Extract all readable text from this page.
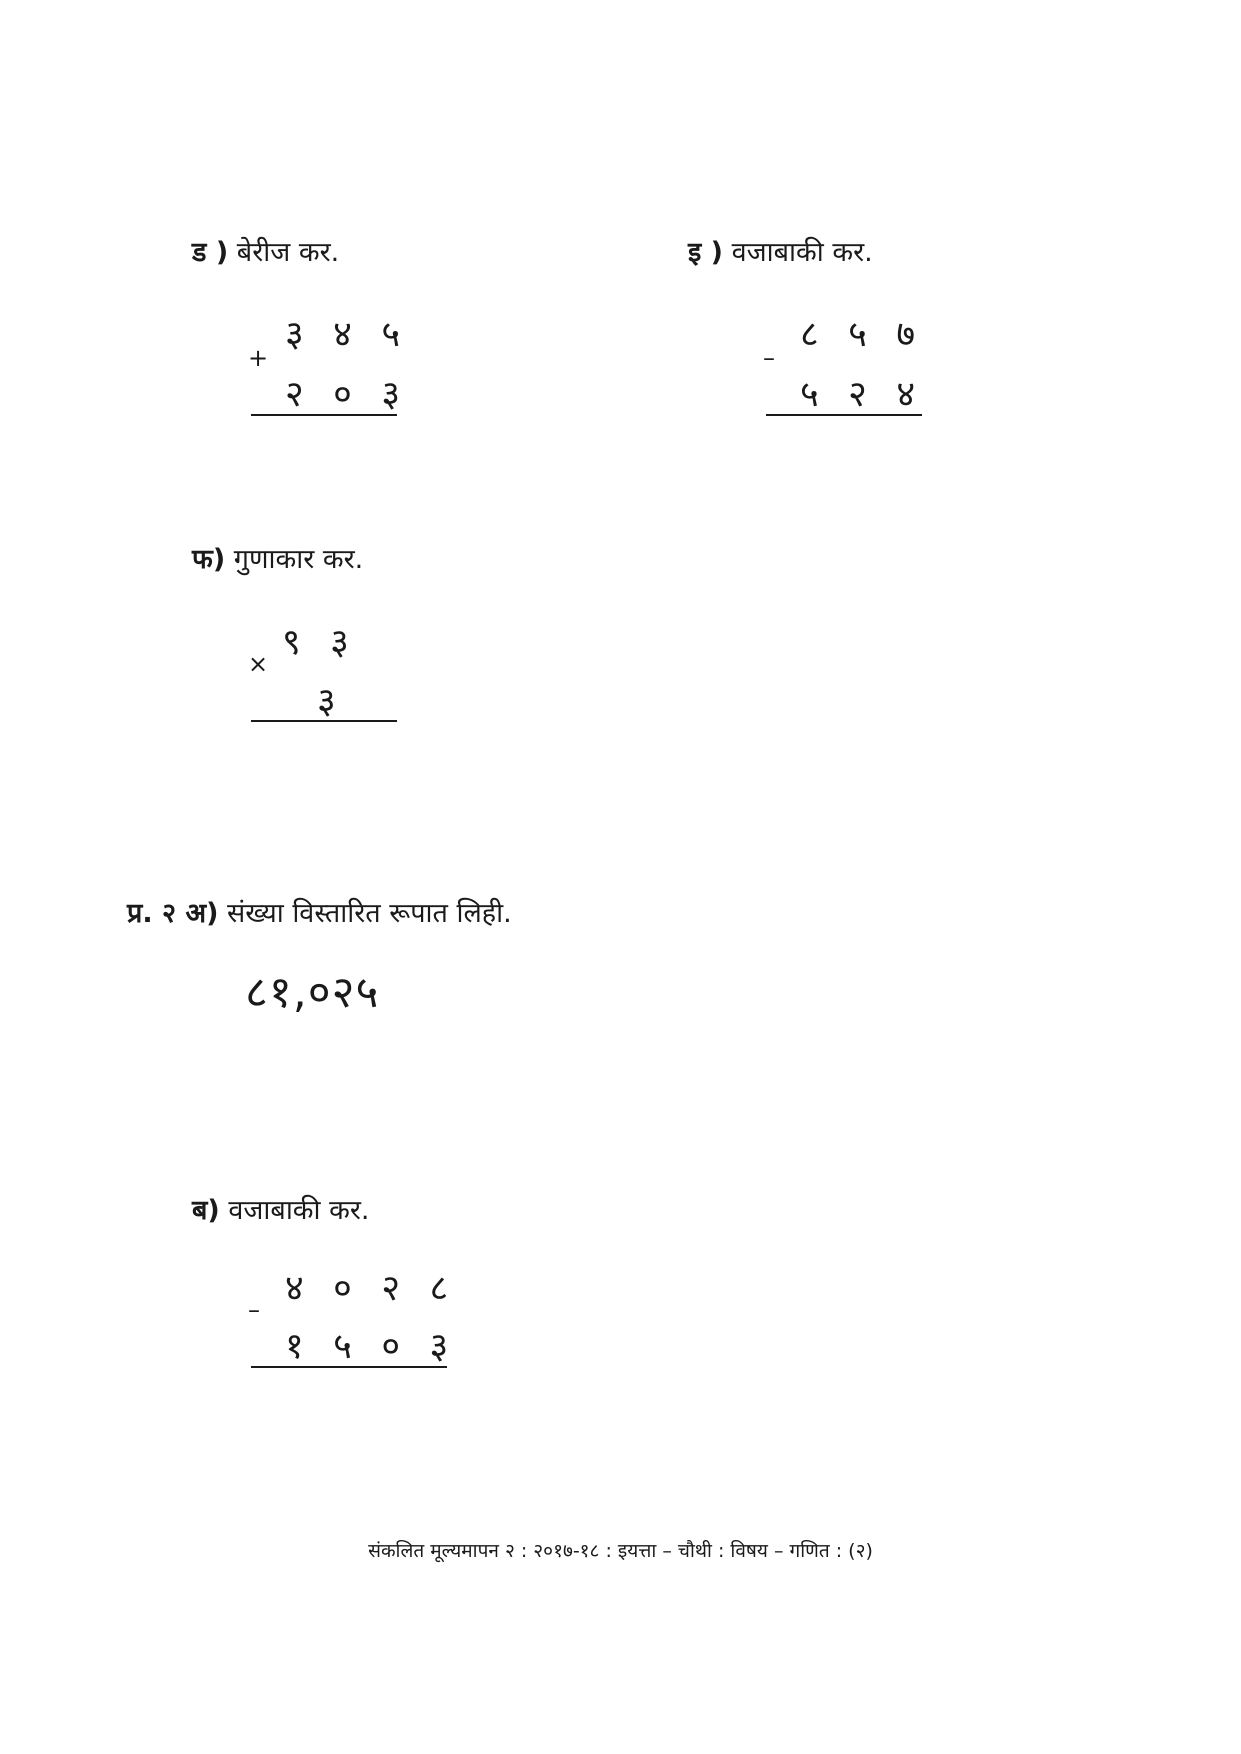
ड ) बेरीज कर.
३ ४ ५
+
२ ० ३
इ ) वजाबाकी कर.
८ ५ ७
–
५ २ ४
फ) गुणाकार कर.
९ ३
×
३
प्र. २ अ) संख्या विस्तारित रूपात लिही.
८१,०२५
ब) वजाबाकी कर.
४ ० २ ८
–
१ ५ ० ३
संकलित मूल्यमापन २ : २०१७-१८ : इयत्ता – चौथी : विषय – गणित : (२)
